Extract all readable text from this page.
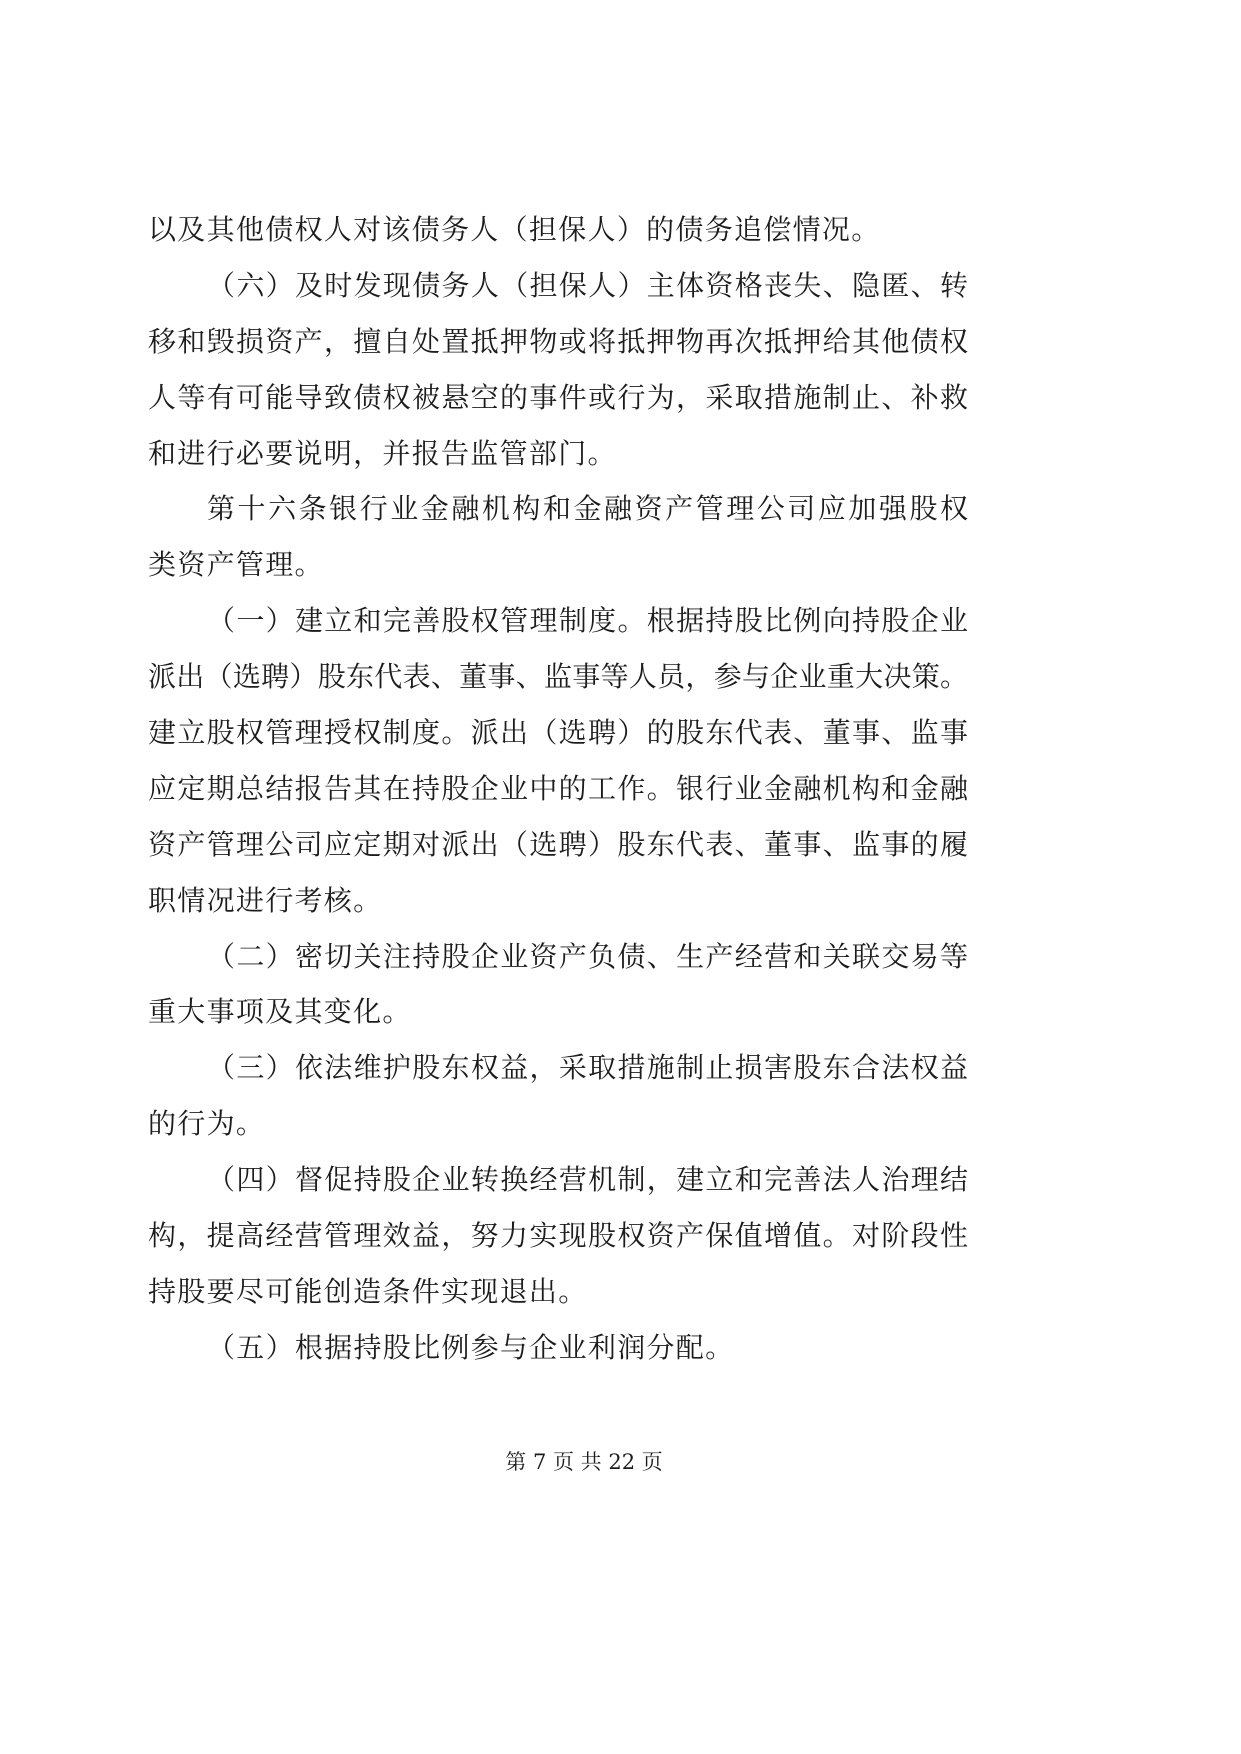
以及其他债权人对该债务人（担保人）的债务追偿情况。
（六）及时发现债务人（担保人）主体资格丧失、隐匿、转
移和毁损资产，擅自处置抵押物或将抵押物再次抵押给其他债权
人等有可能导致债权被悬空的事件或行为，采取措施制止、补救
和进行必要说明，并报告监管部门。
第十六条银行业金融机构和金融资产管理公司应加强股权
类资产管理。
（一）建立和完善股权管理制度。根据持股比例向持股企业
派出（选聘）股东代表、董事、监事等人员，参与企业重大决策。
建立股权管理授权制度。派出（选聘）的股东代表、董事、监事
应定期总结报告其在持股企业中的工作。银行业金融机构和金融
资产管理公司应定期对派出（选聘）股东代表、董事、监事的履
职情况进行考核。
（二）密切关注持股企业资产负债、生产经营和关联交易等
重大事项及其变化。
（三）依法维护股东权益，采取措施制止损害股东合法权益
的行为。
（四）督促持股企业转换经营机制，建立和完善法人治理结
构，提高经营管理效益，努力实现股权资产保值增值。对阶段性
持股要尽可能创造条件实现退出。
（五）根据持股比例参与企业利润分配。
第 7 页 共 22 页
